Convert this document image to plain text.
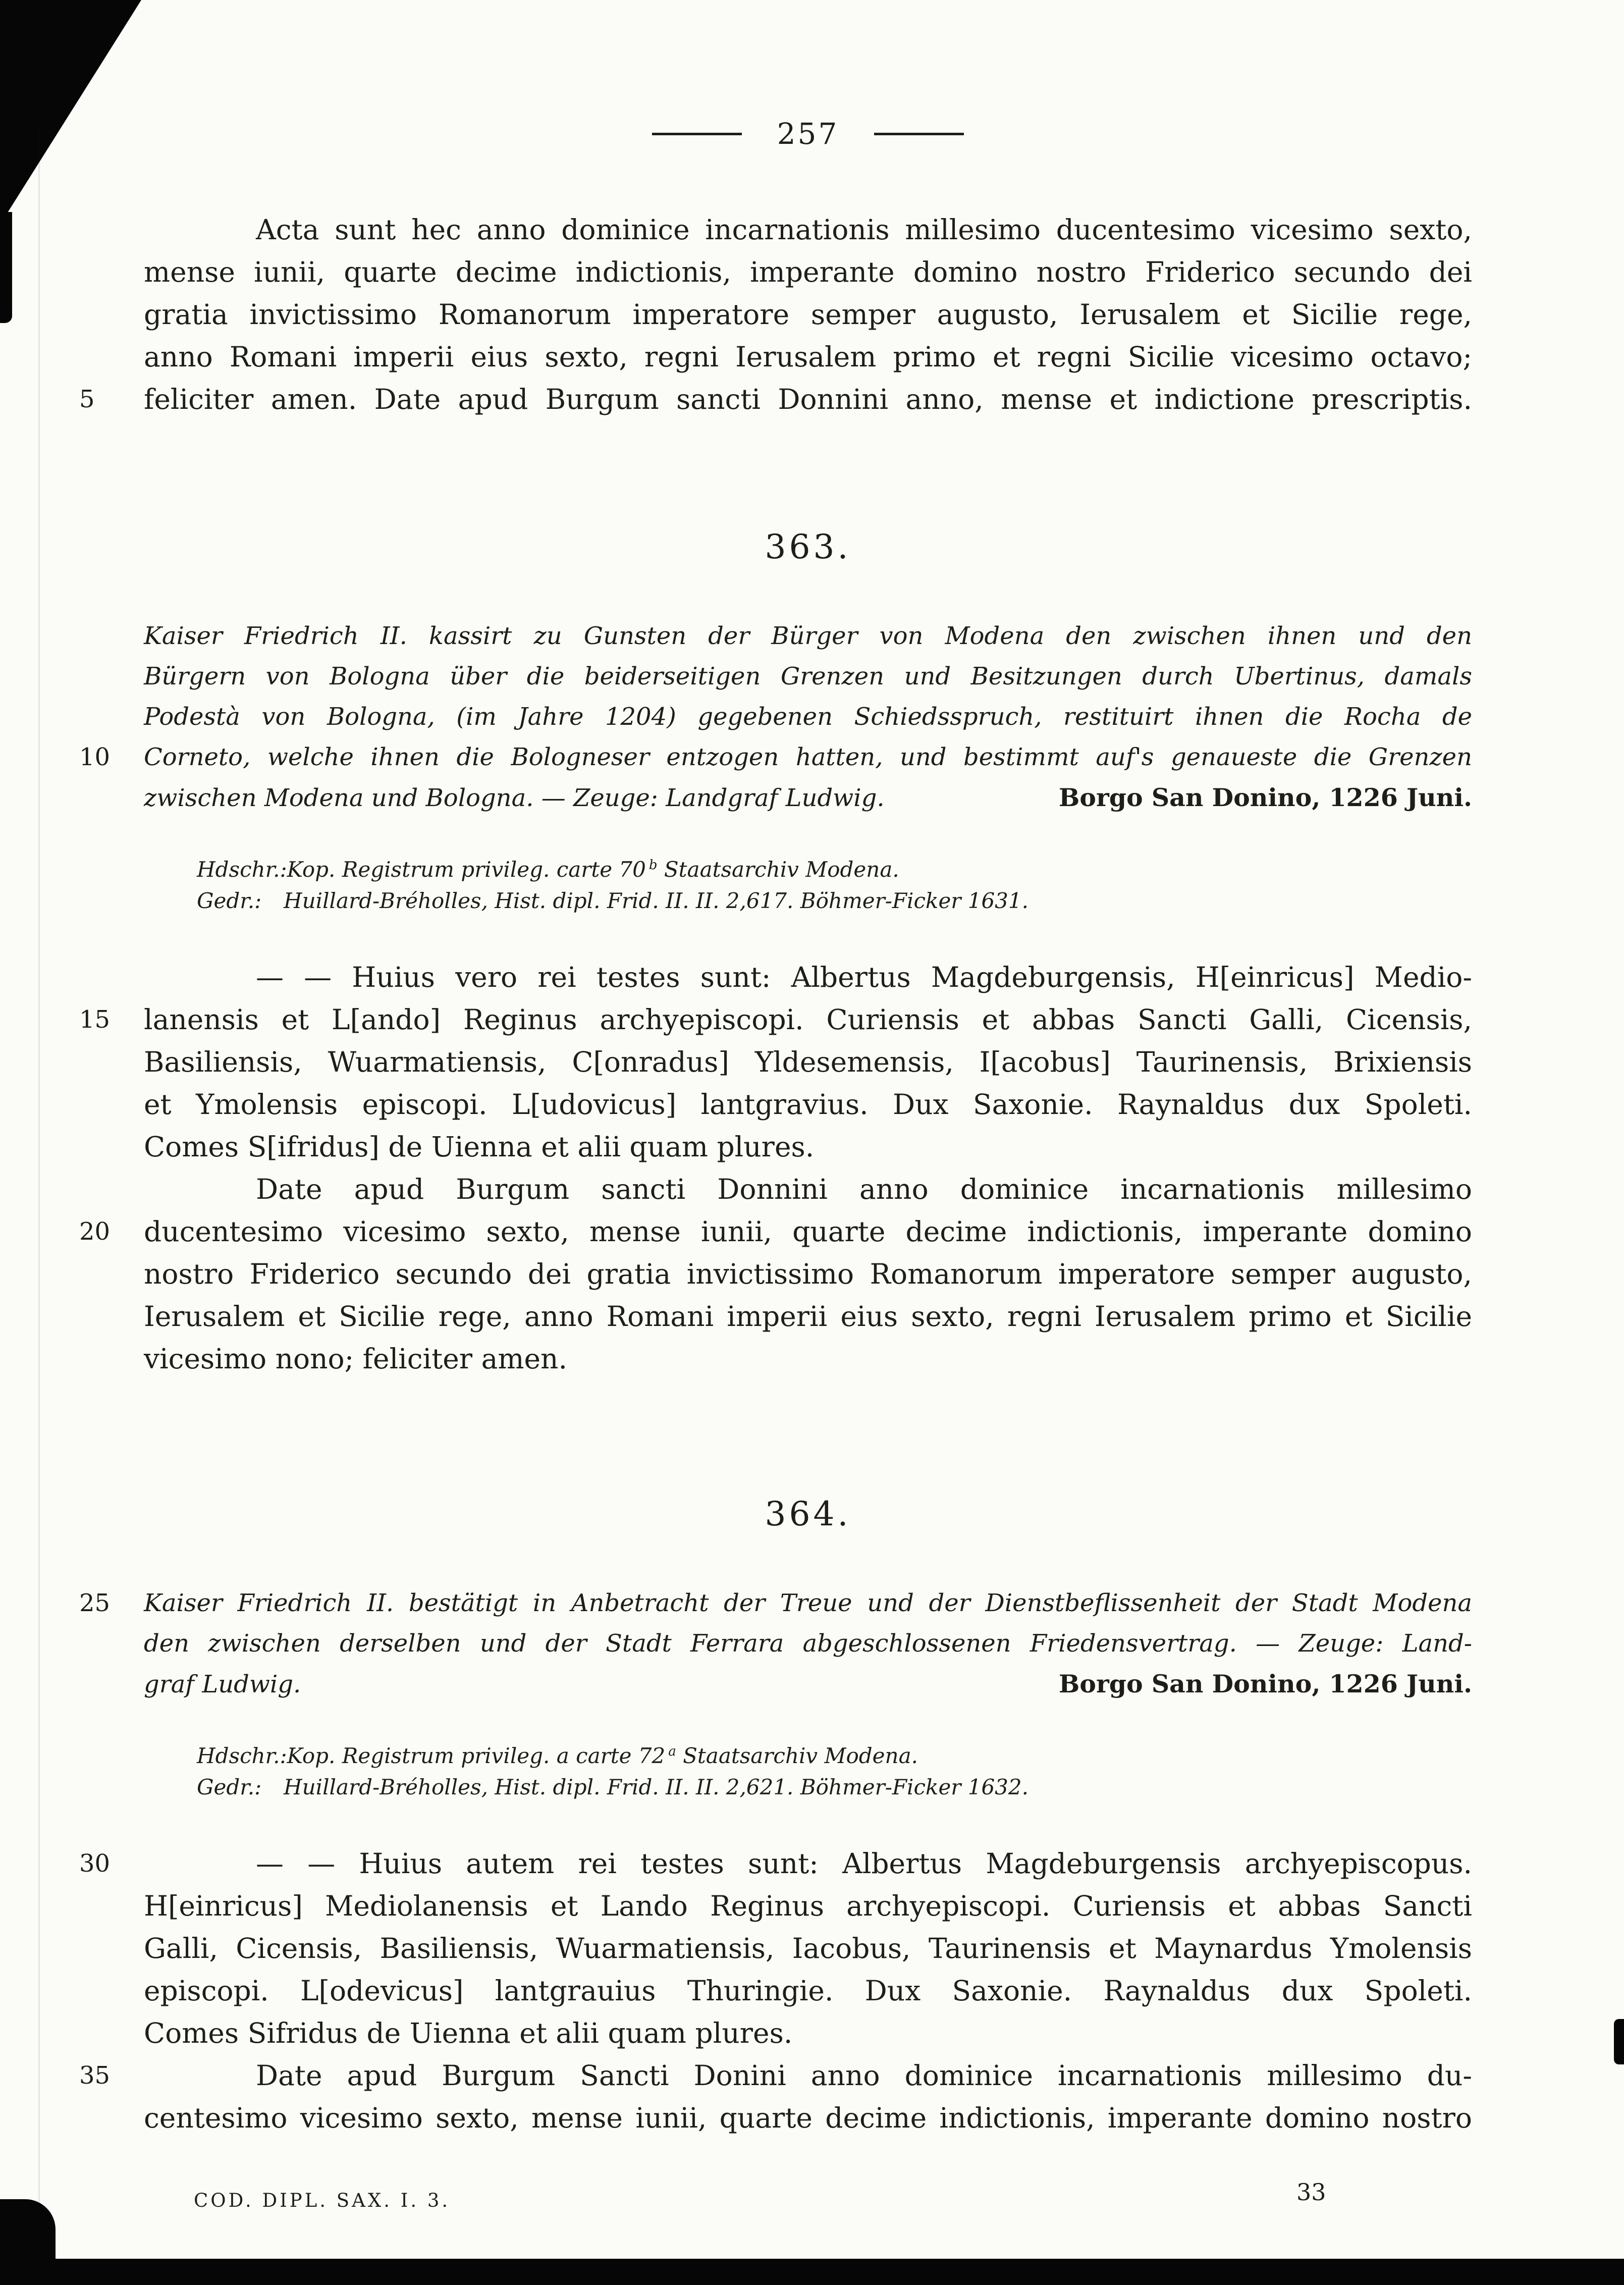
257
Acta sunt hec anno dominice incarnationis millesimo ducentesimo vicesimo sexto,
mense iunii, quarte decime indictionis, imperante domino nostro Friderico secundo dei
gratia invictissimo Romanorum imperatore semper augusto, Ierusalem et Sicilie rege,
anno Romani imperii eius sexto, regni Ierusalem primo et regni Sicilie vicesimo octavo;
5	feliciter amen. Date apud Burgum sancti Donnini anno, mense et indictione prescriptis.
363.
Kaiser Friedrich II. kassirt zu Gunsten der Bürger von Modena den zwischen ihnen und den
Bürgern von Bologna über die beiderseitigen Grenzen und Besitzungen durch Ubertinus, damals
Podestà von Bologna, (im Jahre 1204) gegebenen Schiedsspruch, restituirt ihnen die Rocha de
10	Corneto, welche ihnen die Bologneser entzogen hatten, und bestimmt auf's genaueste die Grenzen
zwischen Modena und Bologna. — Zeuge: Landgraf Ludwig.	Borgo San Donino, 1226 Juni.
Hdschr.:Kop. Registrum privileg. carte 70 $^b$ Staatsarchiv Modena.
Gedr.: Huillard-Bréholles, Hist. dipl. Frid. II. II. 2,617. Böhmer-Ficker 1631.
— — Huius vero rei testes sunt: Albertus Magdeburgensis, H[einricus] Medio-
15	lanensis et L[ando] Reginus archyepiscopi. Curiensis et abbas Sancti Galli, Cicensis,
Basiliensis, Wuarmatiensis, C[onradus] Yldesemensis, I[acobus] Taurinensis, Brixiensis
et Ymolensis episcopi. L[udovicus] lantgravius. Dux Saxonie. Raynaldus dux Spoleti.
Comes S[ifridus] de Uienna et alii quam plures.
Date apud Burgum sancti Donnini anno dominice incarnationis millesimo
20	ducentesimo vicesimo sexto, mense iunii, quarte decime indictionis, imperante domino
nostro Friderico secundo dei gratia invictissimo Romanorum imperatore semper augusto,
Ierusalem et Sicilie rege, anno Romani imperii eius sexto, regni Ierusalem primo et Sicilie
vicesimo nono; feliciter amen.
364.
25	Kaiser Friedrich II. bestätigt in Anbetracht der Treue und der Dienstbeflissenheit der Stadt Modena
den zwischen derselben und der Stadt Ferrara abgeschlossenen Friedensvertrag. — Zeuge: Land-
graf Ludwig.	Borgo San Donino, 1226 Juni.
Hdschr.:Kop. Registrum privileg. a carte 72 $^a$ Staatsarchiv Modena.
Gedr.: Huillard-Bréholles, Hist. dipl. Frid. II. II. 2,621. Böhmer-Ficker 1632.
30	— — Huius autem rei testes sunt: Albertus Magdeburgensis archyepiscopus.
H[einricus] Mediolanensis et Lando Reginus archyepiscopi. Curiensis et abbas Sancti
Galli, Cicensis, Basiliensis, Wuarmatiensis, Iacobus, Taurinensis et Maynardus Ymolensis
episcopi. L[odevicus] lantgrauius Thuringie. Dux Saxonie. Raynaldus dux Spoleti.
Comes Sifridus de Uienna et alii quam plures.
35	Date apud Burgum Sancti Donini anno dominice incarnationis millesimo du-
centesimo vicesimo sexto, mense iunii, quarte decime indictionis, imperante domino nostro
COD. DIPL. SAX. I. 3.	33
